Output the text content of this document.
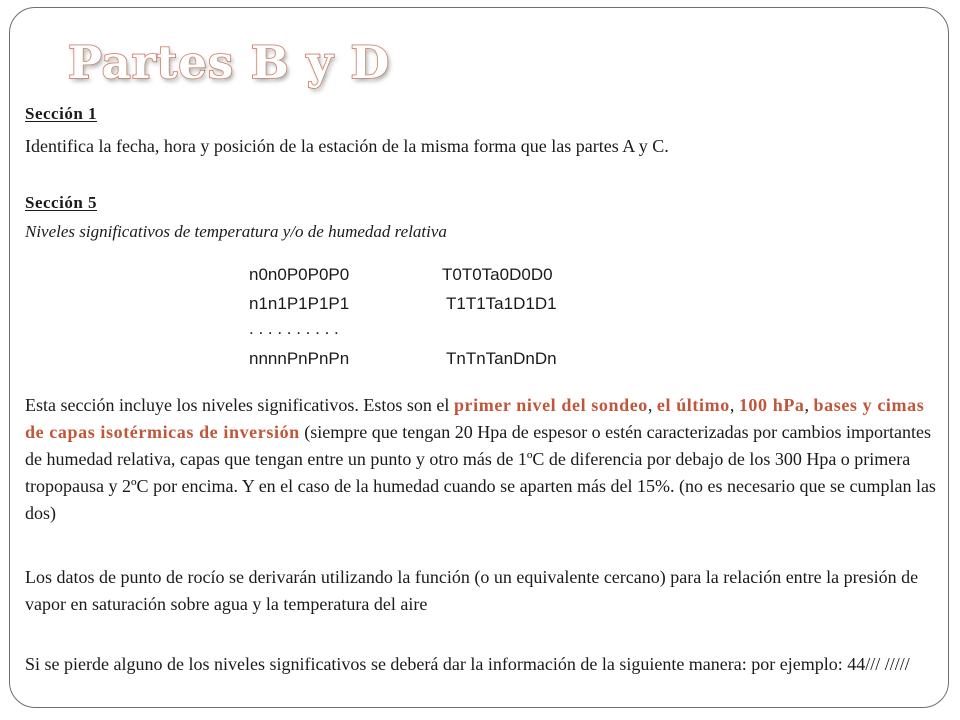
Partes B y D
Sección 1
Identifica la fecha, hora y posición de la estación de la misma forma que las partes A y C.
Sección 5
Niveles significativos de temperatura y/o de humedad relativa
n0n0P0P0P0	T0T0Ta0D0D0
n1n1P1P1P1	T1T1Ta1D1D1
. . . . . . . . . .
nnnnPnPnPn	TnTnTanDnDn

Esta sección incluye los niveles significativos. Estos son el primer nivel del sondeo, el último, 100 hPa, bases y cimas de capas isotérmicas de inversión (siempre que tengan 20 Hpa de espesor o estén caracterizadas por cambios importantes de humedad relativa, capas que tengan entre un punto y otro más de 1ºC de diferencia por debajo de los 300 Hpa o primera tropopausa y 2ºC por encima. Y en el caso de la humedad cuando se aparten más del 15%. (no es necesario que se cumplan las dos)

Los datos de punto de rocío se derivarán utilizando la función (o un equivalente cercano) para la relación entre la presión de vapor en saturación sobre agua y la temperatura del aire

Si se pierde alguno de los niveles significativos se deberá dar la información de la siguiente manera: por ejemplo: 44/// /////
